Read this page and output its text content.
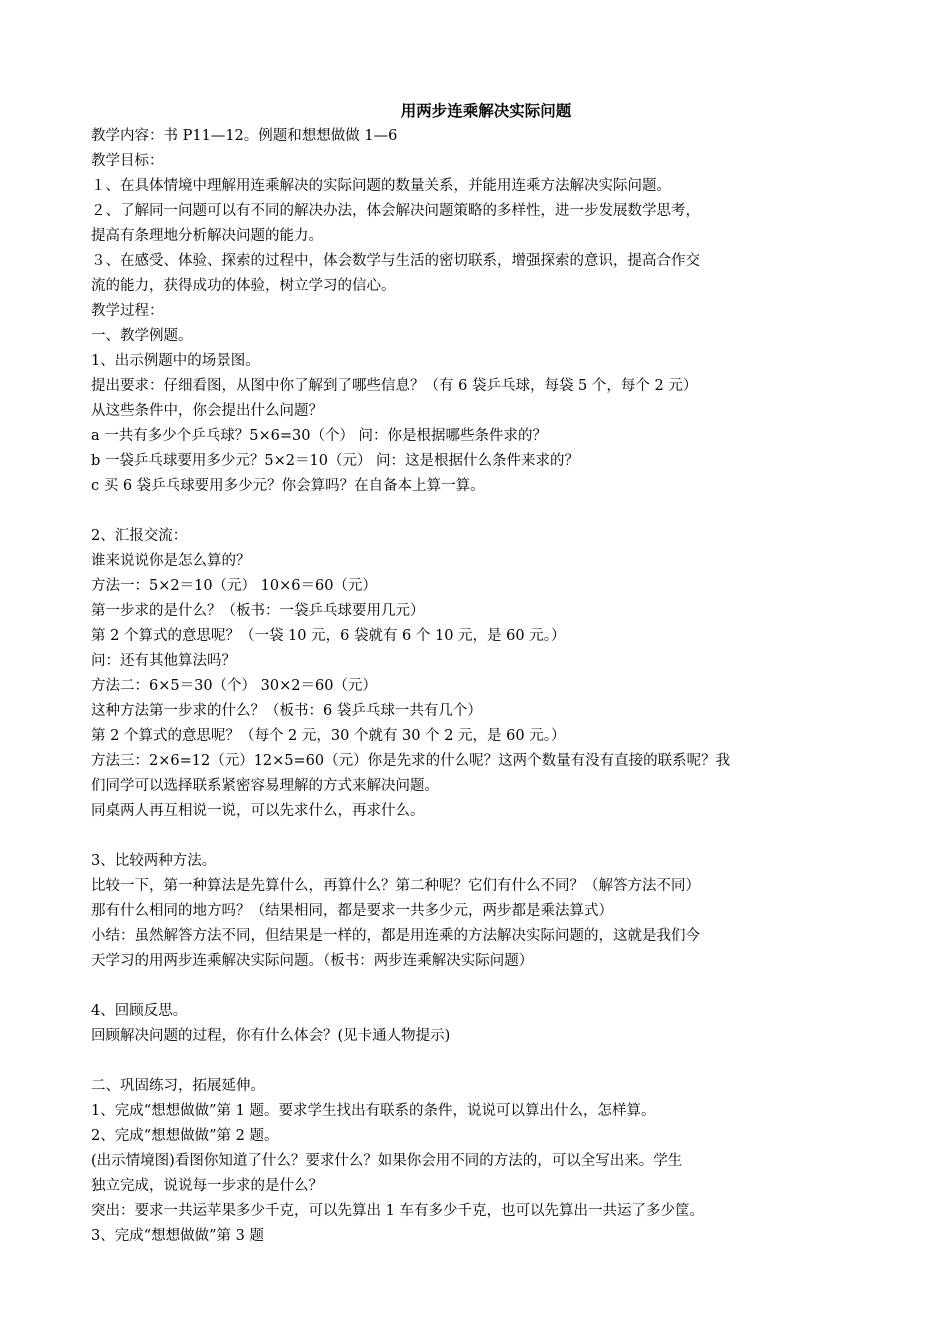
用两步连乘解决实际问题
教学内容：书 P11—12。例题和想想做做 1—6
教学目标：
１、在具体情境中理解用连乘解决的实际问题的数量关系，并能用连乘方法解决实际问题。
２、了解同一问题可以有不同的解决办法，体会解决问题策略的多样性，进一步发展数学思考，
提高有条理地分析解决问题的能力。
３、在感受、体验、探索的过程中，体会数学与生活的密切联系，增强探索的意识，提高合作交
流的能力，获得成功的体验，树立学习的信心。
教学过程：
一、教学例题。
1、出示例题中的场景图。
提出要求：仔细看图，从图中你了解到了哪些信息？（有 6 袋乒乓球，每袋 5 个，每个 2 元）
从这些条件中，你会提出什么问题？
a 一共有多少个乒乓球？5×6=30（个） 问：你是根据哪些条件求的？
b 一袋乒乓球要用多少元？5×2＝10（元） 问：这是根据什么条件来求的？
c 买 6 袋乒乓球要用多少元？你会算吗？在自备本上算一算。
2、汇报交流：
谁来说说你是怎么算的？
方法一：5×2＝10（元） 10×6＝60（元）
第一步求的是什么？（板书：一袋乒乓球要用几元）
第 2 个算式的意思呢？（一袋 10 元，6 袋就有 6 个 10 元，是 60 元。）
问：还有其他算法吗？
方法二：6×5＝30（个） 30×2＝60（元）
这种方法第一步求的什么？（板书：6 袋乒乓球一共有几个）
第 2 个算式的意思呢？（每个 2 元，30 个就有 30 个 2 元，是 60 元。）
方法三：2×6=12（元）12×5=60（元）你是先求的什么呢？这两个数量有没有直接的联系呢？我
们同学可以选择联系紧密容易理解的方式来解决问题。
同桌两人再互相说一说，可以先求什么，再求什么。
3、比较两种方法。
比较一下，第一种算法是先算什么，再算什么？第二种呢？它们有什么不同？（解答方法不同）
那有什么相同的地方吗？（结果相同，都是要求一共多少元，两步都是乘法算式）
小结：虽然解答方法不同，但结果是一样的，都是用连乘的方法解决实际问题的，这就是我们今
天学习的用两步连乘解决实际问题。（板书：两步连乘解决实际问题）
4、回顾反思。
回顾解决问题的过程，你有什么体会？(见卡通人物提示)
二、巩固练习，拓展延伸。
1、完成“想想做做”第 1 题。要求学生找出有联系的条件，说说可以算出什么，怎样算。
2、完成“想想做做”第 2 题。
(出示情境图)看图你知道了什么？要求什么？如果你会用不同的方法的，可以全写出来。学生
独立完成，说说每一步求的是什么？
突出：要求一共运苹果多少千克，可以先算出 1 车有多少千克，也可以先算出一共运了多少筐。
3、完成“想想做做”第 3 题
